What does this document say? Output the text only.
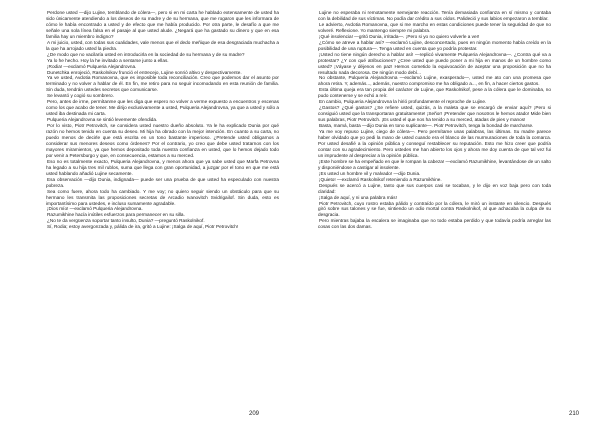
Perdone usted —dijo Lujine, temblando de cólera—, pero si en mi carta he hablado extensamente de usted ha sido únicamente atendiendo a los deseos de su madre y de su hermana, que me rogaron que les informara de cómo le había encontrado a usted y de efecto que me había producido. Por otra parte, le desafío a que me señale una sola línea falsa en el pasaje al que usted alude. ¿Negará que ha gastado su dinero y que en esa familia hay un miembro indigno?

A mi juicio, usted, con todas sus cualidades, vale menos que el dedo meñique de esa desgraciada muchacha a la que ha arrojado usted la piedra.

¿De modo que no vacilaría usted en introducirla en la sociedad de su hermana y de su madre?

Ya lo he hecho. Hoy la he invitado a sentarse junto a ellas.

¡Rodia! —exclamó Pulqueria Alejandrovna.

Dunetchka enrojeció, Raskolnikov frunció el entrecejo, Lujine sonrió altivo y despectivamente.

Ya ve usted, Avdotia Romanovna, que es imposible toda reconciliación. Creo que podemos dar el asunto por terminado y no volver a hablar de él. En fin, me retiro para no seguir incomodando en esta reunión de familia. Sin duda, tendrán ustedes secretos que comunicarse.

Se levantó y cogió su sombrero.

Pero, antes de irme, permítanme que les diga que espero no volver a verme expuesto a encuentros y escenas como los que acabo de tener. Me dirijo exclusivamente a usted, Pulqueria Alejandrovna, ya que a usted y sólo a usted iba destinada mi carta.

Pulqueria Alejandrovna se sintió levemente ofendida.

Por lo visto, Piotr Petrovitch, se considera usted nuestro dueño absoluto. Ya le ha explicado Dunia por qué razón no hemos tenido en cuenta su deseo. Mi hija ha obrado con la mejor intención. En cuanto a su carta, no puedo menos de decirle que está escrita en un tono bastante imperioso. ¿Pretende usted obligarnos a considerar sus menores deseos como órdenes? Por el contrario, yo creo que debe usted tratarnos con los mayores miramientos, ya que hemos depositado toda nuestra confianza en usted, que lo hemos dejado todo por venir a Petersburgo y que, en consecuencia, estamos a su merced.

Eso no es totalmente exacto, Pulqueria Alejandrovna, y menos ahora que ya sabe usted que Marfa Petrovna ha legado a su hija tres mil rublos, suma que llega con gran oportunidad, a juzgar por el tono en que me está usted hablando añadió Lujine secamente.

Esa observación —dijo Dunia, indignada— puede ser una prueba de que usted ha especulado con nuestra pobreza.

Sea como fuere, ahora todo ha cambiado. Y me voy; no quiero seguir siendo un obstáculo para que su hermano les transmita las proposiciones secretas de Arcadio Ivanovitch Svidrigailof. Sin duda, esto es importantísimo para ustedes, e incluso sumamente agradable.

¡Dios mío! —exclamó Pulqueria Alejandrovna.

Razumikhine hacía inútiles esfuerzos para permanecer en su silla.

¿No te da vergüenza soportar tanto insulto, Dunia? —preguntó Raskolnikof.

Sí, Rodia; estoy avergonzada y, pálida de ira, gritó a Lujine: ¡Salga de aquí, Piotr Petrovitch!

209

Lujine no esperaba ni remotamente semejante reacción. Tenía demasiada confianza en sí mismo y contaba con la debilidad de sus víctimas. No podía dar crédito a sus oídos. Palideció y sus labios empezaron a temblar.

Le advierto, Avdotia Romanovna, que si me marcho en estas condiciones puede tener la seguridad de que no volveré. Reflexione. Yo mantengo siempre mi palabra.

¡Qué insolencia! —gritó Dunia, irritada—. ¡Pero si yo no quiero volverle a ver!

¿Cómo se atreve a hablar así? —exclamó Lujine, desconcertado, pues en ningún momento había creído en la posibilidad de una ruptura—. Tenga usted en cuenta que yo podría protestar.

¡Usted no tiene ningún derecho a hablar así! —replicó vivamente Pulqueria Alejandrovna—. ¿Contra qué va a protestar? ¿Y con qué atribuciones? ¿Cree usted que puedo poner a mi hija en manos de un hombre como usted? ¡Váyase y déjenos en paz! Hemos cometido la equivocación de aceptar una proposición que no ha resultado nada decorosa. De ningún modo debí...

No obstante, Pulqueria Alejandrovna —exclamó Lujine, exasperado—, usted me ato con una promesa que ahora retira. Y, además..., además, nuestro compromiso me ha obligado a..., en fin, a hacer ciertos gastos.

Esta última queja era tan propia del carácter de Lujine, que Raskolnikof, pese a la cólera que le dominaba, no pudo contenerse y se echó a reír.

En cambio, Pulqueria Alejandrovna la hirió profundamente el reproche de Lujine.

¿Gastos? ¿Qué gastos? ¿Se refiere usted, quizás, a la maleta que se encargó de enviar aquí? ¡Pero si consiguió usted que la transportaran gratuitamente! ¡Señor! ¡Pretender que nosotros le hemos atado! Mide bien sus palabras, Piotr Petrovitch. ¡Es usted el que nos ha tenido a su merced, atadas de pies y manos!

Basta, mamá, basta —dijo Dunia en tono suplicante—. Piotr Petrovitch, tenga la bondad de marcharse.

Ya me voy repuso Lujine, ciego de cólera—. Pero permítame unas palabras, las últimas. Su madre parece haber olvidado que yo pedi la mano de usted cuando era el blanco de las murmuraciones de toda la comarca. Por usted desafié a la opinión pública y conseguí restablecer su reputación. Esto me hizo creer que podría contar con su agradecimiento. Pero ustedes me han abierto los ojos y ahora me doy cuenta de que tal vez fui un imprudente al despreciar a la opinión pública.

¡Este hombre se ha empeñado en que le rompan la cabeza! —exclamó Razumikhine, levantándose de un salto y disponiéndose a castigar al insolente.

¡Es usted un hombre vil y malvado! —dijo Dunia.

¡Quieto! —exclamó Raskolnikof reteniendo a Razumikhine.

Después se acercó a Lujine, tanto que sus cuerpos casi se tocaban, y le dijo en voz baja pero con toda claridad:

¡Salga de aquí, y ni una palabra más!

Piotr Petrovitch, cuyo rostro estaba pálido y contraído por la cólera, le miró un instante en silencio. Después giró sobre sus talones y se fue, sintiendo un odio mortal contra Raskolnikof, al que achacaba la culpa de su desgracia.

Pero mientras bajaba la escalera se imaginaba que no todo estaba perdido y que todavía podría arreglar las cosas con las dos damas.

210
